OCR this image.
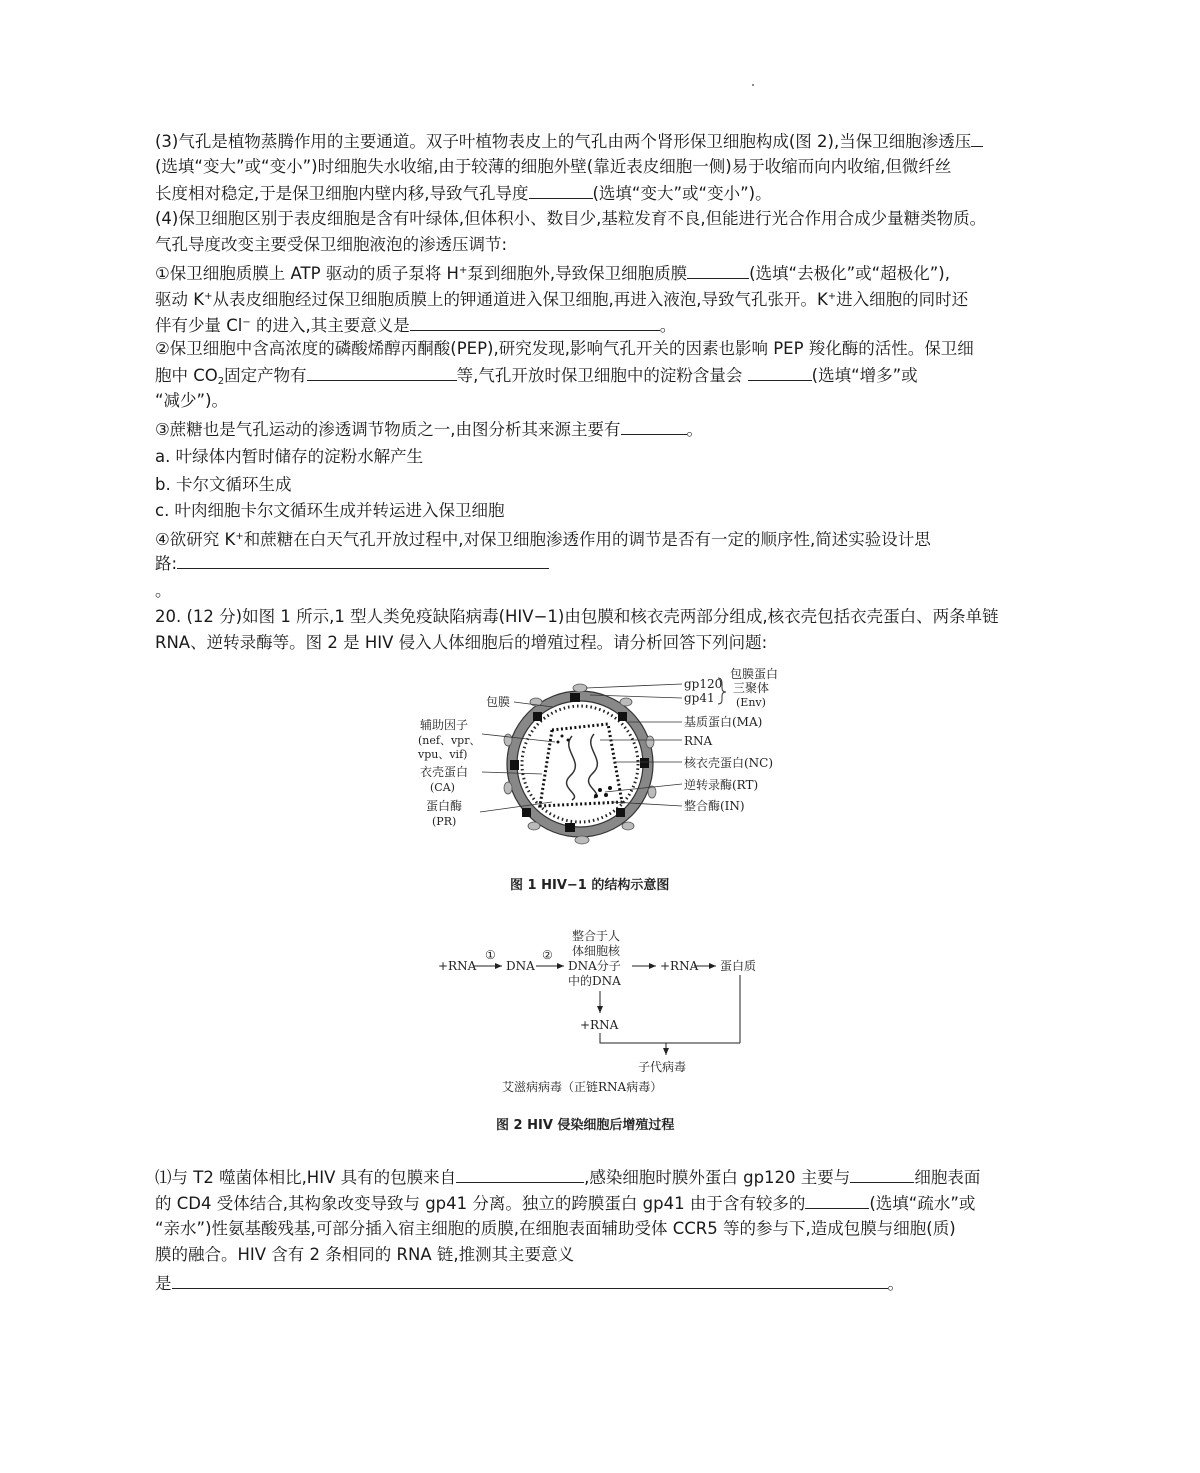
(3)气孔是植物蒸腾作用的主要通道。双子叶植物表皮上的气孔由两个肾形保卫细胞构成(图 2),当保卫细胞渗透压
(选填“变大”或“变小”)时细胞失水收缩,由于较薄的细胞外壁(靠近表皮细胞一侧)易于收缩而向内收缩,但微纤丝
长度相对稳定,于是保卫细胞内壁内移,导致气孔导度	(选填“变大”或“变小”)。
(4)保卫细胞区别于表皮细胞是含有叶绿体,但体积小、数目少,基粒发育不良,但能进行光合作用合成少量糖类物质。
气孔导度改变主要受保卫细胞液泡的渗透压调节:
①保卫细胞质膜上 ATP 驱动的质子泵将 H+泵到细胞外,导致保卫细胞质膜	(选填“去极化”或“超极化”),
驱动 K+从表皮细胞经过保卫细胞质膜上的钾通道进入保卫细胞,再进入液泡,导致气孔张开。K+进入细胞的同时还
伴有少量 Cl− 的进入,其主要意义是	。
②保卫细胞中含高浓度的磷酸烯醇丙酮酸(PEP),研究发现,影响气孔开关的因素也影响 PEP 羧化酶的活性。保卫细
胞中 $CO_2$固定产物有	等,气孔开放时保卫细胞中的淀粉含量会	(选填“增多”或
“减少”)。
③蔗糖也是气孔运动的渗透调节物质之一,由图分析其来源主要有	。
a. 叶绿体内暂时储存的淀粉水解产生
b. 卡尔文循环生成
c. 叶肉细胞卡尔文循环生成并转运进入保卫细胞
④欲研究 K+和蔗糖在白天气孔开放过程中,对保卫细胞渗透作用的调节是否有一定的顺序性,简述实验设计思
路:
。
20. (12 分)如图 1 所示,1 型人类免疫缺陷病毒(HIV−1)由包膜和核衣壳两部分组成,核衣壳包括衣壳蛋白、两条单链
RNA、逆转录酶等。图 2 是 HIV 侵入人体细胞后的增殖过程。请分析回答下列问题:
gp120
gp41
包膜蛋白
三聚体
(Env)
包膜
辅助因子
(nef、vpr、
vpu、vif)
衣壳蛋白
(CA)
蛋白酶
(PR)
基质蛋白(MA)
RNA
核衣壳蛋白(NC)
逆转录酶(RT)
整合酶(IN)
图 1 HIV−1 的结构示意图
+RNA
①
DNA
②
整合于人
体细胞核
DNA分子
中的DNA
+RNA 蛋白质
+RNA
子代病毒
艾滋病病毒（正链RNA病毒）
图 2 HIV 侵染细胞后增殖过程
⑴与 T2 噬菌体相比,HIV 具有的包膜来自	,感染细胞时膜外蛋白 gp120 主要与	细胞表面
的 CD4 受体结合,其构象改变导致与 gp41 分离。独立的跨膜蛋白 gp41 由于含有较多的	(选填“疏水”或
“亲水”)性氨基酸残基,可部分插入宿主细胞的质膜,在细胞表面辅助受体 CCR5 等的参与下,造成包膜与细胞(质)
膜的融合。HIV 含有 2 条相同的 RNA 链,推测其主要意义
是	。
